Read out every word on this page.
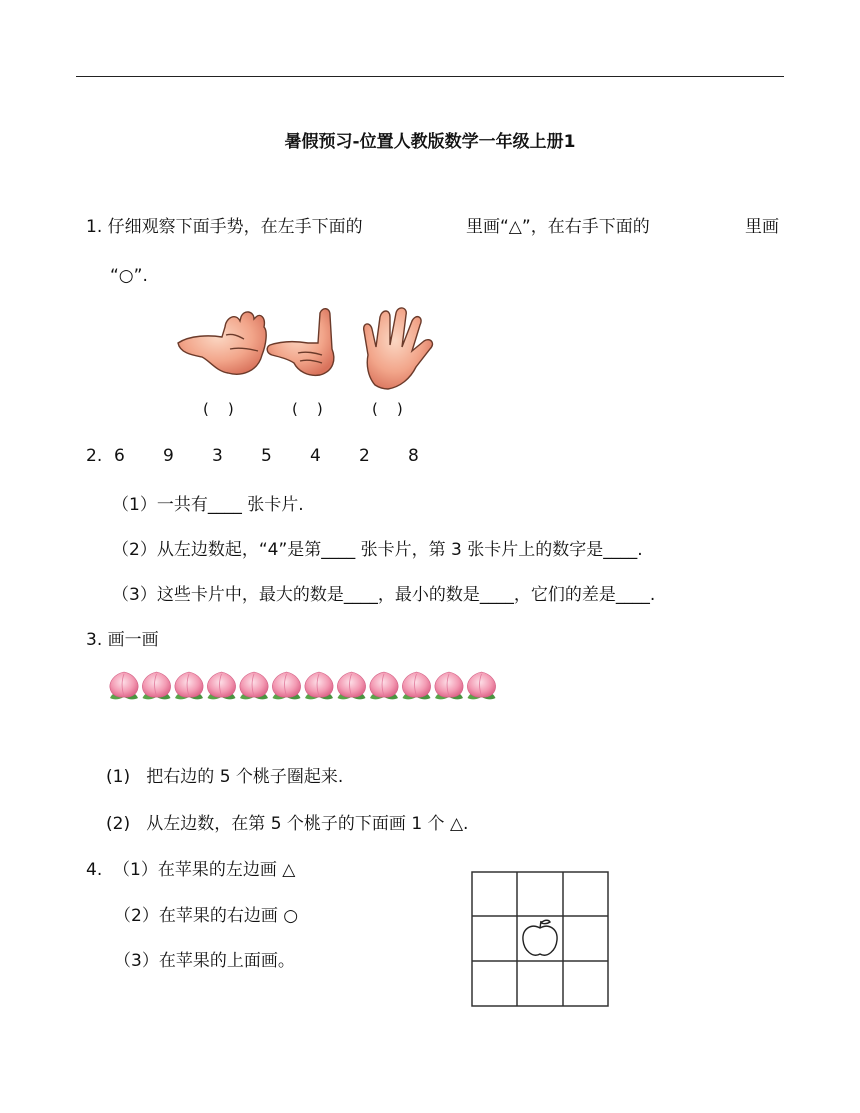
暑假预习-位置人教版数学一年级上册1

1. 仔细观察下面手势，在左手下面的

	里画“△”，在右手下面的

	里画

“○”.
(    )	(    )	(    )
2. 6 9 3 5 4 2 8
（1）一共有____ 张卡片.
（2）从左边数起，“4”是第____ 张卡片，第 3 张卡片上的数字是____.
（3）这些卡片中，最大的数是____，最小的数是____，它们的差是____.
3. 画一画
(1)   把右边的 5 个桃子圈起来.
(2)   从左边数，在第 5 个桃子的下面画 1 个 △.
4.  （1）在苹果的左边画 △
（2）在苹果的右边画 ○
（3）在苹果的上面画。
